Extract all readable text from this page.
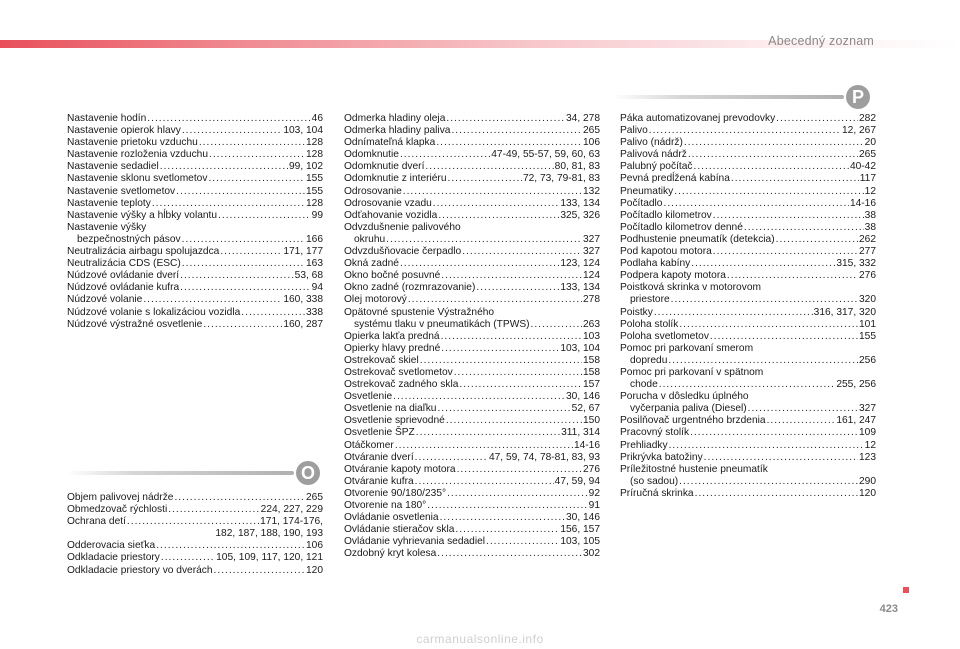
Abecedný zoznam
P
O
Nastavenie hodín .....	46
Nastavenie opierok hlavy .....	103, 104
Nastavenie prietoku vzduchu .....	128
Nastavenie rozloženia vzduchu .....	128
Nastavenie sedadiel .....	99, 102
Nastavenie sklonu svetlometov .....	155
Nastavenie svetlometov .....	155
Nastavenie teploty .....	128
Nastavenie výšky a hĺbky volantu .....	99
Nastavenie výšky
bezpečnostných pásov .....	166
Neutralizácia airbagu spolujazdca .....	171, 177
Neutralizácia CDS (ESC) .....	163
Núdzové ovládanie dverí .....	53, 68
Núdzové ovládanie kufra .....	94
Núdzové volanie .....	160, 338
Núdzové volanie s lokalizáciou vozidla .....	338
Núdzové výstražné osvetlenie .....	160, 287
Objem palivovej nádrže .....	265
Obmedzovač rýchlosti .....	224, 227, 229
Ochrana detí .....	171, 174-176,
182, 187, 188, 190, 193
Odderovacia sieťka .....	106
Odkladacie priestory .....	105, 109, 117, 120, 121
Odkladacie priestory vo dverách .....	120
Odmerka hladiny oleja .....	34, 278
Odmerka hladiny paliva .....	265
Odnímateľná klapka .....	106
Odomknutie .....	47-49, 55-57, 59, 60, 63
Odomknutie dverí .....	80, 81, 83
Odomknutie z interiéru .....	72, 73, 79-81, 83
Odrosovanie .....	132
Odrosovanie vzadu .....	133, 134
Odťahovanie vozidla .....	325, 326
Odvzdušnenie palivového
okruhu .....	327
Odvzdušňovacie čerpadlo .....	327
Okná zadné .....	123, 124
Okno bočné posuvné .....	124
Okno zadné (rozmrazovanie) .....	133, 134
Olej motorový .....	278
Opätovné spustenie Výstražného
systému tlaku v pneumatikách (TPWS) .....	263
Opierka lakťa predná .....	103
Opierky hlavy predné .....	103, 104
Ostrekovač skiel .....	158
Ostrekovač svetlometov .....	158
Ostrekovač zadného skla .....	157
Osvetlenie .....	30, 146
Osvetlenie na diaľku .....	52, 67
Osvetlenie sprievodné .....	150
Osvetlenie ŠPZ .....	311, 314
Otáčkomer .....	14-16
Otváranie dverí .....	47, 59, 74, 78-81, 83, 93
Otváranie kapoty motora .....	276
Otváranie kufra .....	47, 59, 94
Otvorenie 90/180/235° .....	92
Otvorenie na 180° .....	91
Ovládanie osvetlenia .....	30, 146
Ovládanie stieračov skla .....	156, 157
Ovládanie vyhrievania sedadiel .....	103, 105
Ozdobný kryt kolesa .....	302
Páka automatizovanej prevodovky .....	282
Palivo .....	12, 267
Palivo (nádrž) .....	20
Palivová nádrž .....	265
Palubný počítač .....	40-42
Pevná predĺžená kabína .....	117
Pneumatiky .....	12
Počítadlo .....	14-16
Počítadlo kilometrov .....	38
Počítadlo kilometrov denné .....	38
Podhustenie pneumatík (detekcia) .....	262
Pod kapotou motora .....	277
Podlaha kabíny .....	315, 332
Podpera kapoty motora .....	276
Poistková skrinka v motorovom
priestore .....	320
Poistky .....	316, 317, 320
Poloha stolík .....	101
Poloha svetlometov .....	155
Pomoc pri parkovaní smerom
dopredu .....	256
Pomoc pri parkovaní v spätnom
chode .....	255, 256
Porucha v dôsledku úplného
vyčerpania paliva (Diesel) .....	327
Posilňovač urgentného brzdenia .....	161, 247
Pracovný stolík .....	109
Prehliadky .....	12
Prikrývka batožiny .....	123
Príležitostné hustenie pneumatík
(so sadou) .....	290
Príručná skrinka .....	120
423
carmanualsonline.info
